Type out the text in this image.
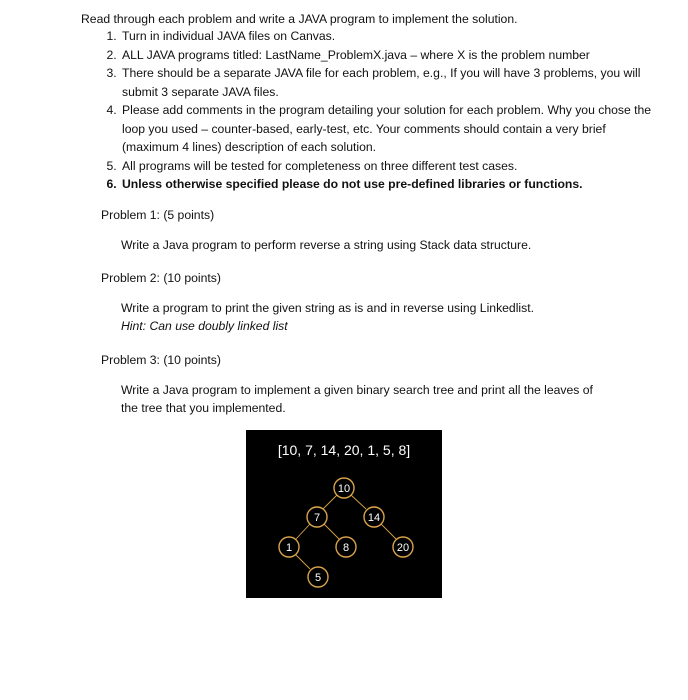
Read through each problem and write a JAVA program to implement the solution.
1. Turn in individual JAVA files on Canvas.
2. ALL JAVA programs titled: LastName_ProblemX.java – where X is the problem number
3. There should be a separate JAVA file for each problem, e.g., If you will have 3 problems, you will submit 3 separate JAVA files.
4. Please add comments in the program detailing your solution for each problem. Why you chose the loop you used – counter-based, early-test, etc. Your comments should contain a very brief (maximum 4 lines) description of each solution.
5. All programs will be tested for completeness on three different test cases.
6. Unless otherwise specified please do not use pre-defined libraries or functions.
Problem 1: (5 points)
Write a Java program to perform reverse a string using Stack data structure.
Problem 2: (10 points)
Write a program to print the given string as is and in reverse using Linkedlist.
Hint: Can use doubly linked list
Problem 3: (10 points)
Write a Java program to implement a given binary search tree and print all the leaves of the tree that you implemented.
[10, 7, 14, 20, 1, 5, 8]
10
7	14
1	8	20
5
